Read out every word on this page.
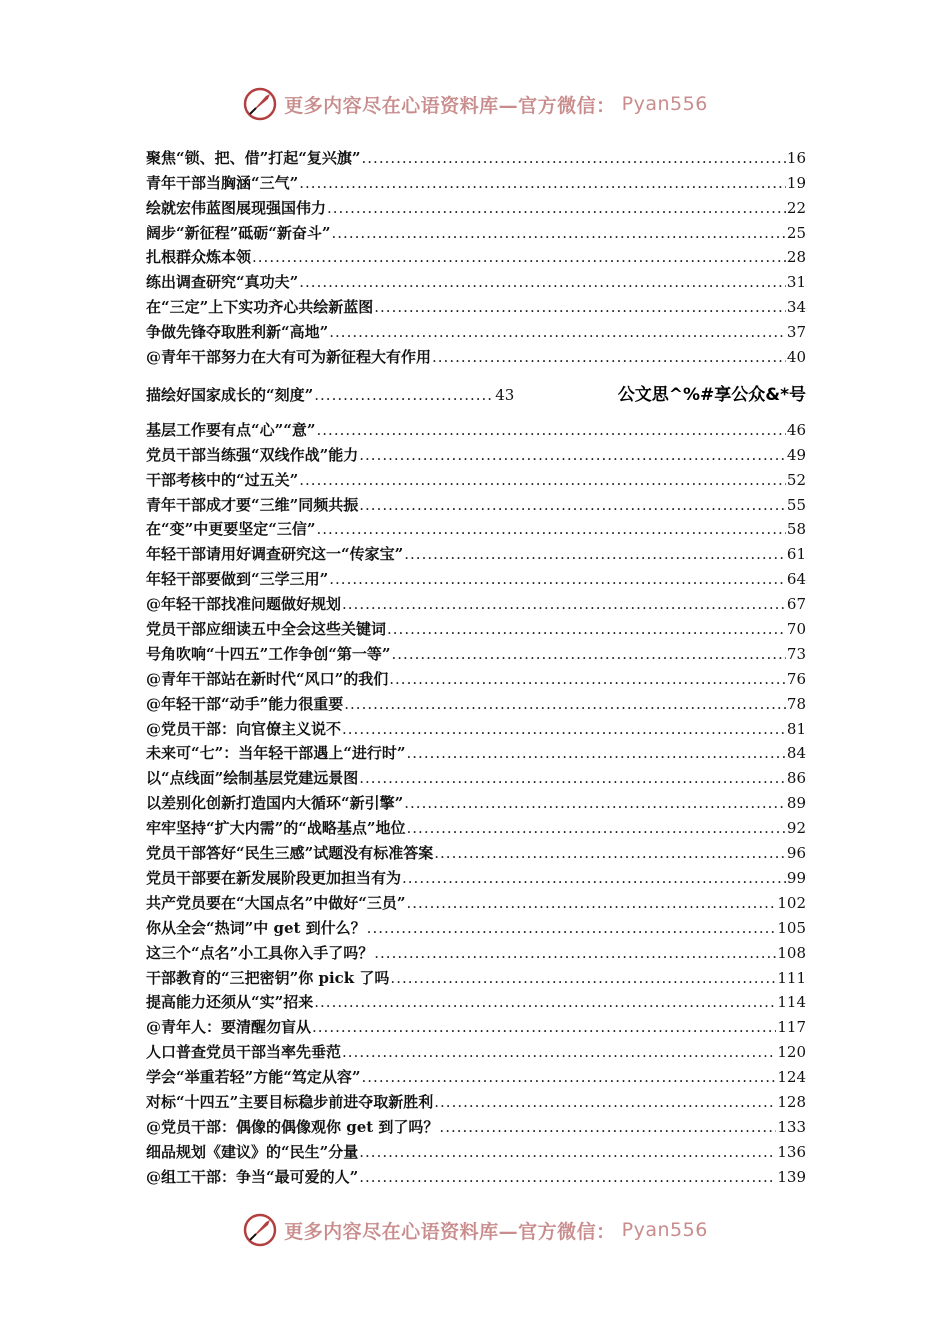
更多内容尽在心语资料库—官方微信： Pyan556
聚焦“锁、把、借”打起“复兴旗” .....	16
青年干部当胸涵“三气” .....	19
绘就宏伟蓝图展现强国伟力 .....	22
阔步“新征程”砥砺“新奋斗” .....	25
扎根群众炼本领 .....	28
练出调查研究“真功夫” .....	31
在“三定”上下实功齐心共绘新蓝图 .....	34
争做先锋夺取胜利新“高地” .....	37
@青年干部努力在大有可为新征程大有作用 .....	40
描绘好国家成长的“刻度” .....	43	公文思^%#享公众&*号
基层工作要有点“心”“意” .....	46
党员干部当练强“双线作战”能力 .....	49
干部考核中的“过五关” .....	52
青年干部成才要“三维”同频共振 .....	55
在“变”中更要坚定“三信” .....	58
年轻干部请用好调查研究这一“传家宝” .....	61
年轻干部要做到“三学三用” .....	64
@年轻干部找准问题做好规划 .....	67
党员干部应细读五中全会这些关键词 .....	70
号角吹响“十四五”工作争创“第一等” .....	73
@青年干部站在新时代“风口”的我们 .....	76
@年轻干部“动手”能力很重要 .....	78
@党员干部：向官僚主义说不 .....	81
未来可“七”：当年轻干部遇上“进行时” .....	84
以“点线面”绘制基层党建远景图 .....	86
以差别化创新打造国内大循环“新引擎” .....	89
牢牢坚持“扩大内需”的“战略基点”地位 .....	92
党员干部答好“民生三感”试题没有标准答案 .....	96
党员干部要在新发展阶段更加担当有为 .....	99
共产党员要在“大国点名”中做好“三员” .....	102
你从全会“热词”中 get 到什么？ .....	105
这三个“点名”小工具你入手了吗？ .....	108
干部教育的“三把密钥”你 pick 了吗 .....	111
提高能力还须从“实”招来 .....	114
@青年人：要清醒勿盲从 .....	117
人口普查党员干部当率先垂范 .....	120
学会“举重若轻”方能“笃定从容” .....	124
对标“十四五”主要目标稳步前进夺取新胜利 .....	128
@党员干部：偶像的偶像观你 get 到了吗？ .....	133
细品规划《建议》的“民生”分量 .....	136
@组工干部：争当“最可爱的人” .....	139
更多内容尽在心语资料库—官方微信： Pyan556
